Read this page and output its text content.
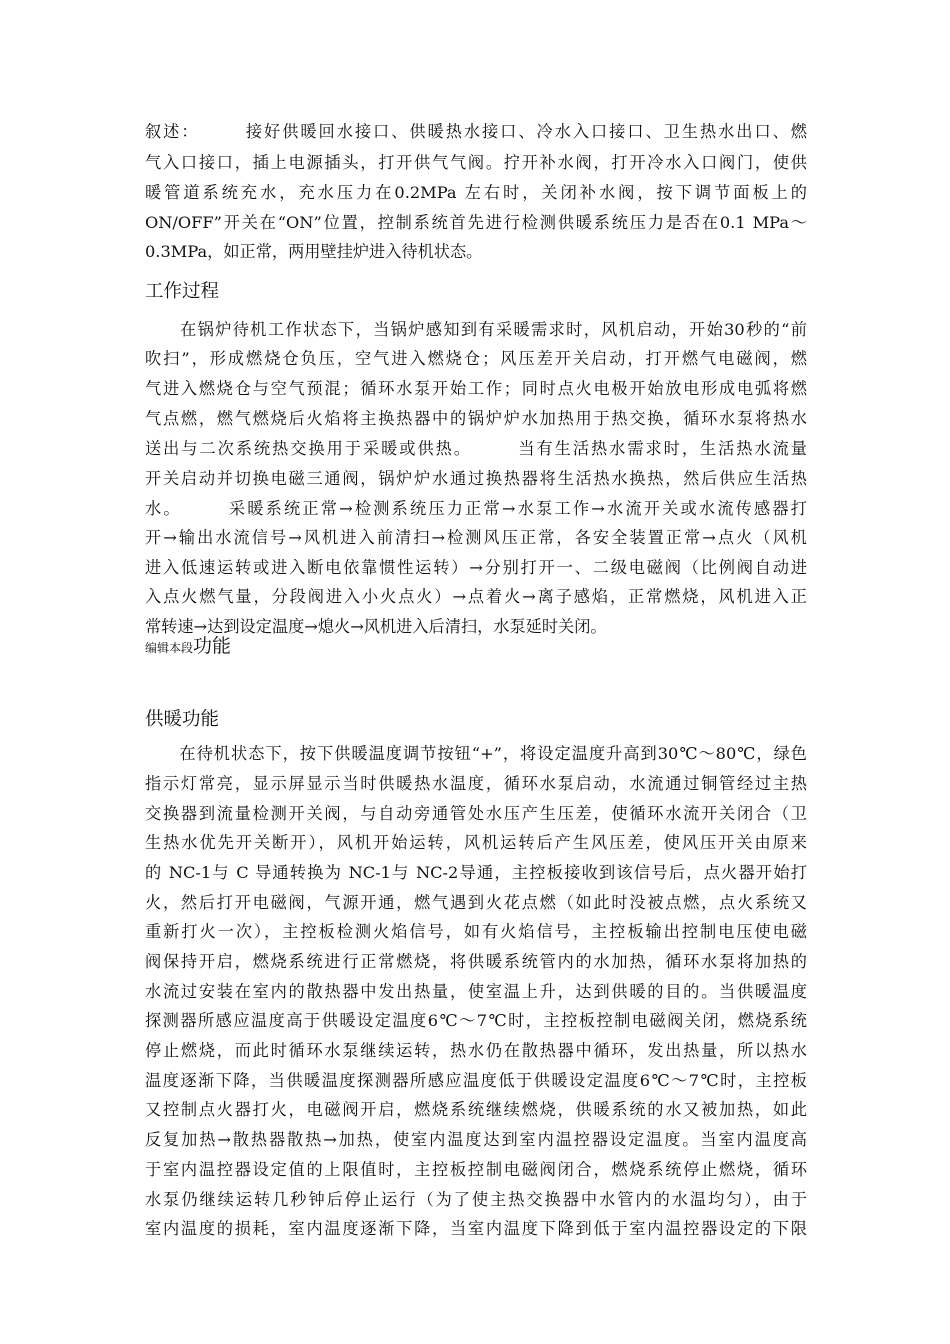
叙述：　　　接好供暖回水接口、供暖热水接口、冷水入口接口、卫生热水出口、燃
气入口接口，插上电源插头，打开供气气阀。拧开补水阀，打开冷水入口阀门，使供
暖管道系统充水，充水压力在0.2MPa 左右时，关闭补水阀，按下调节面板上的
ON/OFF”开关在“ON”位置，控制系统首先进行检测供暖系统压力是否在0.1 MPa～
0.3MPa，如正常，两用壁挂炉进入待机状态。
工作过程
　　在锅炉待机工作状态下，当锅炉感知到有采暖需求时，风机启动，开始30秒的“前
吹扫”，形成燃烧仓负压，空气进入燃烧仓；风压差开关启动，打开燃气电磁阀，燃
气进入燃烧仓与空气预混；循环水泵开始工作；同时点火电极开始放电形成电弧将燃
气点燃，燃气燃烧后火焰将主换热器中的锅炉炉水加热用于热交换，循环水泵将热水
送出与二次系统热交换用于采暖或供热。　　　当有生活热水需求时，生活热水流量
开关启动并切换电磁三通阀，锅炉炉水通过换热器将生活热水换热，然后供应生活热
水。　　　采暖系统正常→检测系统压力正常→水泵工作→水流开关或水流传感器打
开→输出水流信号→风机进入前清扫→检测风压正常，各安全装置正常→点火（风机
进入低速运转或进入断电依靠惯性运转）→分别打开一、二级电磁阀（比例阀自动进
入点火燃气量，分段阀进入小火点火）→点着火→离子感焰，正常燃烧，风机进入正
常转速→达到设定温度→熄火→风机进入后清扫，水泵延时关闭。
编辑本段功能
供暖功能
　　在待机状态下，按下供暖温度调节按钮“+”，将设定温度升高到30℃～80℃，绿色
指示灯常亮，显示屏显示当时供暖热水温度，循环水泵启动，水流通过铜管经过主热
交换器到流量检测开关阀，与自动旁通管处水压产生压差，使循环水流开关闭合（卫
生热水优先开关断开），风机开始运转，风机运转后产生风压差，使风压开关由原来
的 NC-1与 C 导通转换为 NC-1与 NC-2导通，主控板接收到该信号后，点火器开始打
火，然后打开电磁阀，气源开通，燃气遇到火花点燃（如此时没被点燃，点火系统又
重新打火一次），主控板检测火焰信号，如有火焰信号，主控板输出控制电压使电磁
阀保持开启，燃烧系统进行正常燃烧，将供暖系统管内的水加热，循环水泵将加热的
水流过安装在室内的散热器中发出热量，使室温上升，达到供暖的目的。当供暖温度
探测器所感应温度高于供暖设定温度6℃～7℃时，主控板控制电磁阀关闭，燃烧系统
停止燃烧，而此时循环水泵继续运转，热水仍在散热器中循环，发出热量，所以热水
温度逐渐下降，当供暖温度探测器所感应温度低于供暖设定温度6℃～7℃时，主控板
又控制点火器打火，电磁阀开启，燃烧系统继续燃烧，供暖系统的水又被加热，如此
反复加热→散热器散热→加热，使室内温度达到室内温控器设定温度。当室内温度高
于室内温控器设定值的上限值时，主控板控制电磁阀闭合，燃烧系统停止燃烧，循环
水泵仍继续运转几秒钟后停止运行（为了使主热交换器中水管内的水温均匀），由于
室内温度的损耗，室内温度逐渐下降，当室内温度下降到低于室内温控器设定的下限
